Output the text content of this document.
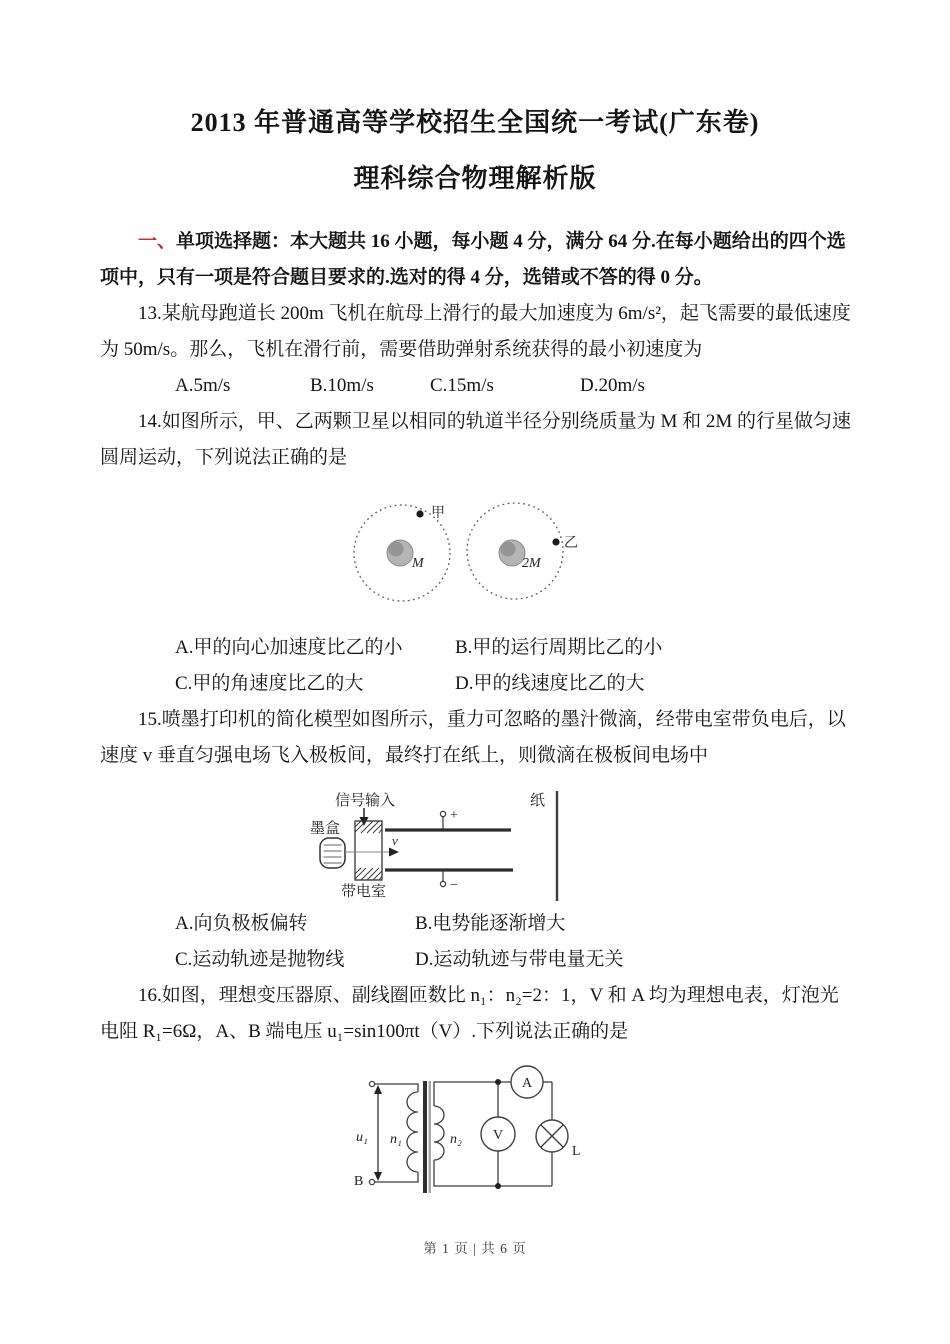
2013 年普通高等学校招生全国统一考试(广东卷)
理科综合物理解析版
一、单项选择题：本大题共 16 小题，每小题 4 分，满分 64 分.在每小题给出的四个选
项中，只有一项是符合题目要求的.选对的得 4 分，选错或不答的得 0 分。
13.某航母跑道长 200m 飞机在航母上滑行的最大加速度为 6m/s²，起飞需要的最低速度
为 50m/s。那么，飞机在滑行前，需要借助弹射系统获得的最小初速度为
A.5m/s	B.10m/s	C.15m/s	D.20m/s
14.如图所示，甲、乙两颗卫星以相同的轨道半径分别绕质量为 M 和 2M 的行星做匀速
圆周运动，下列说法正确的是
M
甲
2M
乙
A.甲的向心加速度比乙的小	B.甲的运行周期比乙的小
C.甲的角速度比乙的大	D.甲的线速度比乙的大
15.喷墨打印机的简化模型如图所示，重力可忽略的墨汁微滴，经带电室带负电后，以
速度 v 垂直匀强电场飞入极板间，最终打在纸上，则微滴在极板间电场中
信号输入
墨盒
带电室
v
+
−
纸
A.向负极板偏转	B.电势能逐渐增大
C.运动轨迹是抛物线	D.运动轨迹与带电量无关
16.如图，理想变压器原、副线圈匝数比 n₁：n₂=2：1，V 和 A 均为理想电表，灯泡光
电阻 R₁=6Ω，A、B 端电压 u₁=sin100πt（V）.下列说法正确的是
u₁
B
n₁	n₂
A
V
L
第 1 页 | 共 6 页
